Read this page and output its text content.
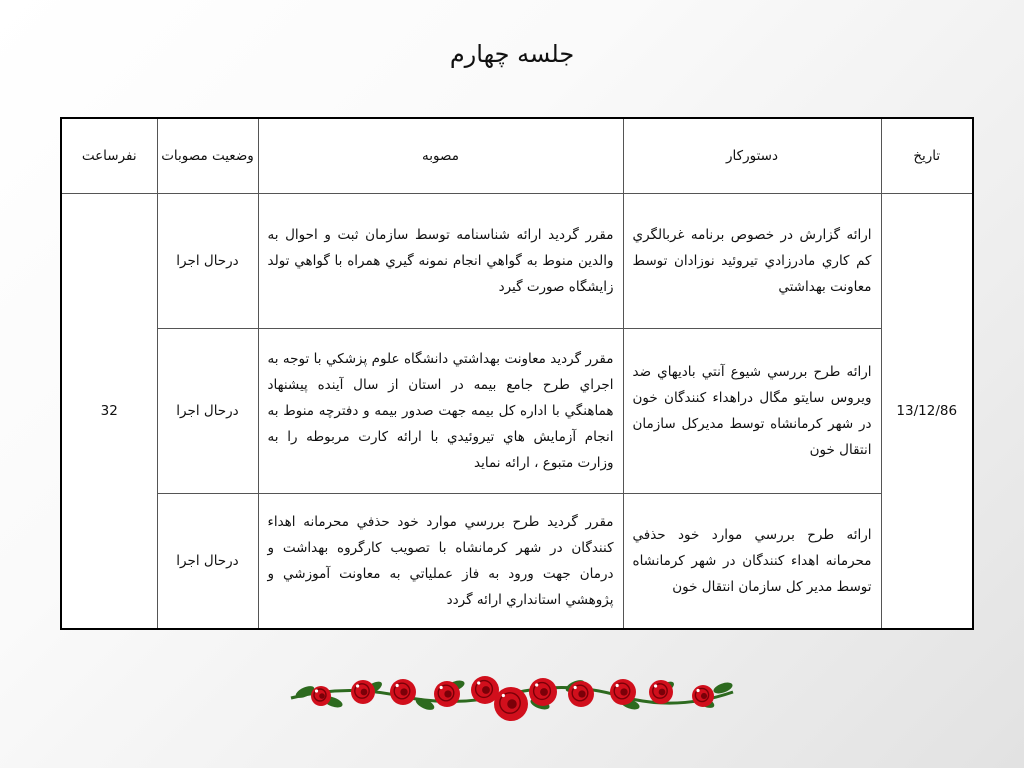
جلسه چهارم
تاريخ	دستوركار	مصوبه	وضعيت مصوبات	نفرساعت
13/12/86	ارائه گزارش در خصوص برنامه غربالگري كم كاري مادرزادي تيروئيد نوزادان توسط معاونت بهداشتي	مقرر گرديد ارائه شناسنامه توسط سازمان ثبت و احوال به والدين منوط به گواهي انجام نمونه گيري همراه با گواهي تولد زايشگاه صورت گيرد	درحال اجرا	32
	ارائه طرح بررسي شيوع آنتي باديهاي ضد ويروس سايتو مگال دراهداء كنندگان خون در شهر كرمانشاه توسط مديركل سازمان انتقال خون	مقرر گرديد معاونت بهداشتي دانشگاه علوم پزشكي با توجه به اجراي طرح جامع بيمه در استان از سال آينده پيشنهاد هماهنگي با اداره كل بيمه جهت صدور بيمه و دفترچه منوط به انجام آزمايش هاي تيروئيدي با ارائه كارت مربوطه را به وزارت متبوع ، ارائه نمايد	درحال اجرا	
	ارائه طرح بررسي موارد خود حذفي محرمانه اهداء كنندگان در شهر كرمانشاه توسط مدير كل سازمان انتقال خون	مقرر گرديد طرح بررسي موارد خود حذفي محرمانه اهداء كنندگان در شهر كرمانشاه با تصويب كارگروه بهداشت و درمان جهت ورود به فاز عملياتي به معاونت آموزشي و پژوهشي استانداري ارائه گردد	درحال اجرا	
